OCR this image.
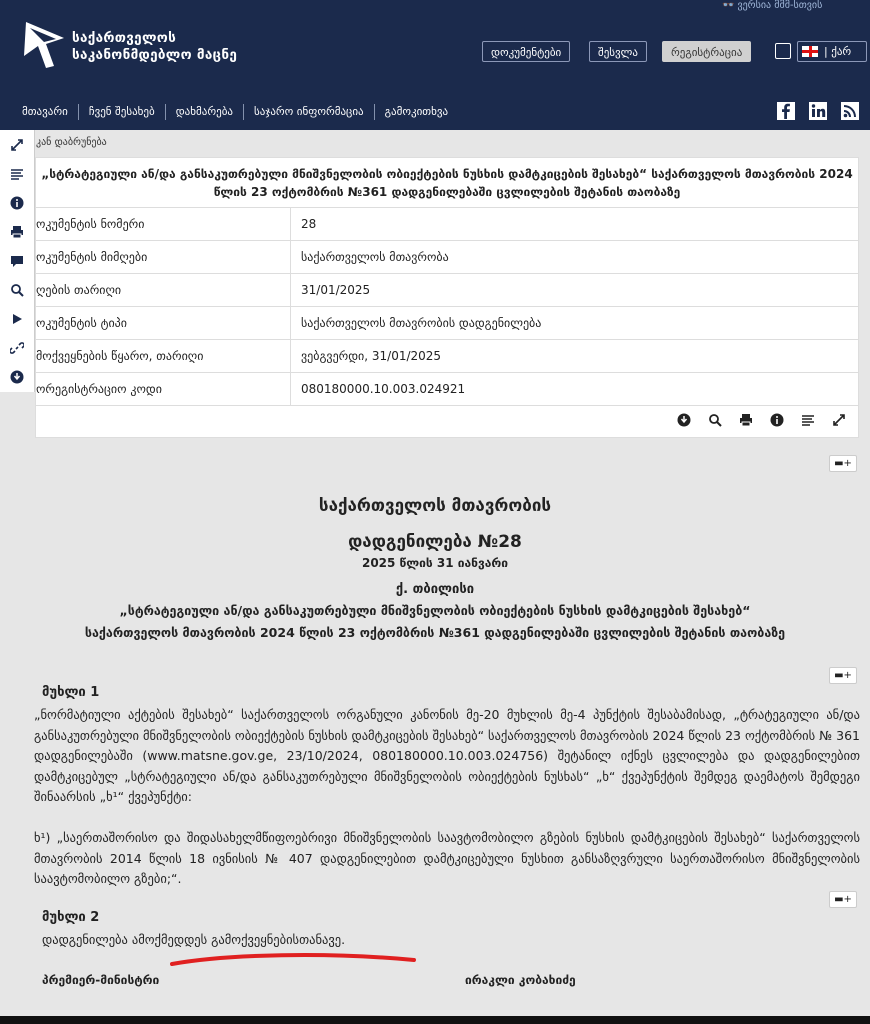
საქართველოს
საკანონმდებლო მაცნე
👓 ვერსია მმმ-სთვის
დოკუმენტები	შესვლა	რეგისტრაცია	| ქარ
მთავარი	ჩვენ შესახებ	დახმარება	საჯარო ინფორმაცია	გამოკითხვა
კან დაბრუნება
„სტრატეგიული ან/და განსაკუთრებული მნიშვნელობის ობიექტების ნუსხის დამტკიცების შესახებ“ საქართველოს მთავრობის 2024 წლის 23 ოქტომბრის №361 დადგენილებაში ცვლილების შეტანის თაობაზე
ოკუმენტის ნომერი	28
ოკუმენტის მიმღები	საქართველოს მთავრობა
ღების თარიღი	31/01/2025
ოკუმენტის ტიპი	საქართველოს მთავრობის დადგენილება
მოქვეყნების წყარო, თარიღი	ვებგვერდი, 31/01/2025
ორეგისტრაციო კოდი	080180000.10.003.024921
▬+
საქართველოს მთავრობის
დადგენილება №28
2025 წლის 31 იანვარი
ქ. თბილისი
„სტრატეგიული ან/და განსაკუთრებული მნიშვნელობის ობიექტების ნუსხის დამტკიცების შესახებ“
საქართველოს მთავრობის 2024 წლის 23 ოქტომბრის №361 დადგენილებაში ცვლილების შეტანის თაობაზე
▬+
მუხლი 1
„ნორმატიული აქტების შესახებ“ საქართველოს ორგანული კანონის მე-20 მუხლის მე-4 პუნქტის შესაბამისად, „ტრატეგიული ან/და განსაკუთრებული მნიშვნელობის ობიექტების ნუსხის დამტკიცების შესახებ“ საქართველოს მთავრობის 2024 წლის 23 ოქტომბრის № 361 დადგენილებაში (www.matsne.gov.ge, 23/10/2024, 080180000.10.003.024756) შეტანილ იქნეს ცვლილება და დადგენილებით დამტკიცებულ „სტრატეგიული ან/და განსაკუთრებული მნიშვნელობის ობიექტების ნუსხას“ „ხ“ ქვეპუნქტის შემდეგ დაემატოს შემდეგი შინაარსის „ხ¹“ ქვეპუნქტი:
ხ¹) „საერთაშორისო და შიდასახელმწიფოებრივი მნიშვნელობის საავტომობილო გზების ნუსხის დამტკიცების შესახებ“ საქართველოს მთავრობის 2014 წლის 18 ივნისის № 407 დადგენილებით დამტკიცებული ნუსხით განსაზღვრული საერთაშორისო მნიშვნელობის საავტომობილო გზები;“.
▬+
მუხლი 2
დადგენილება ამოქმედდეს გამოქვეყნებისთანავე.
პრემიერ-მინისტრი	ირაკლი კობახიძე
